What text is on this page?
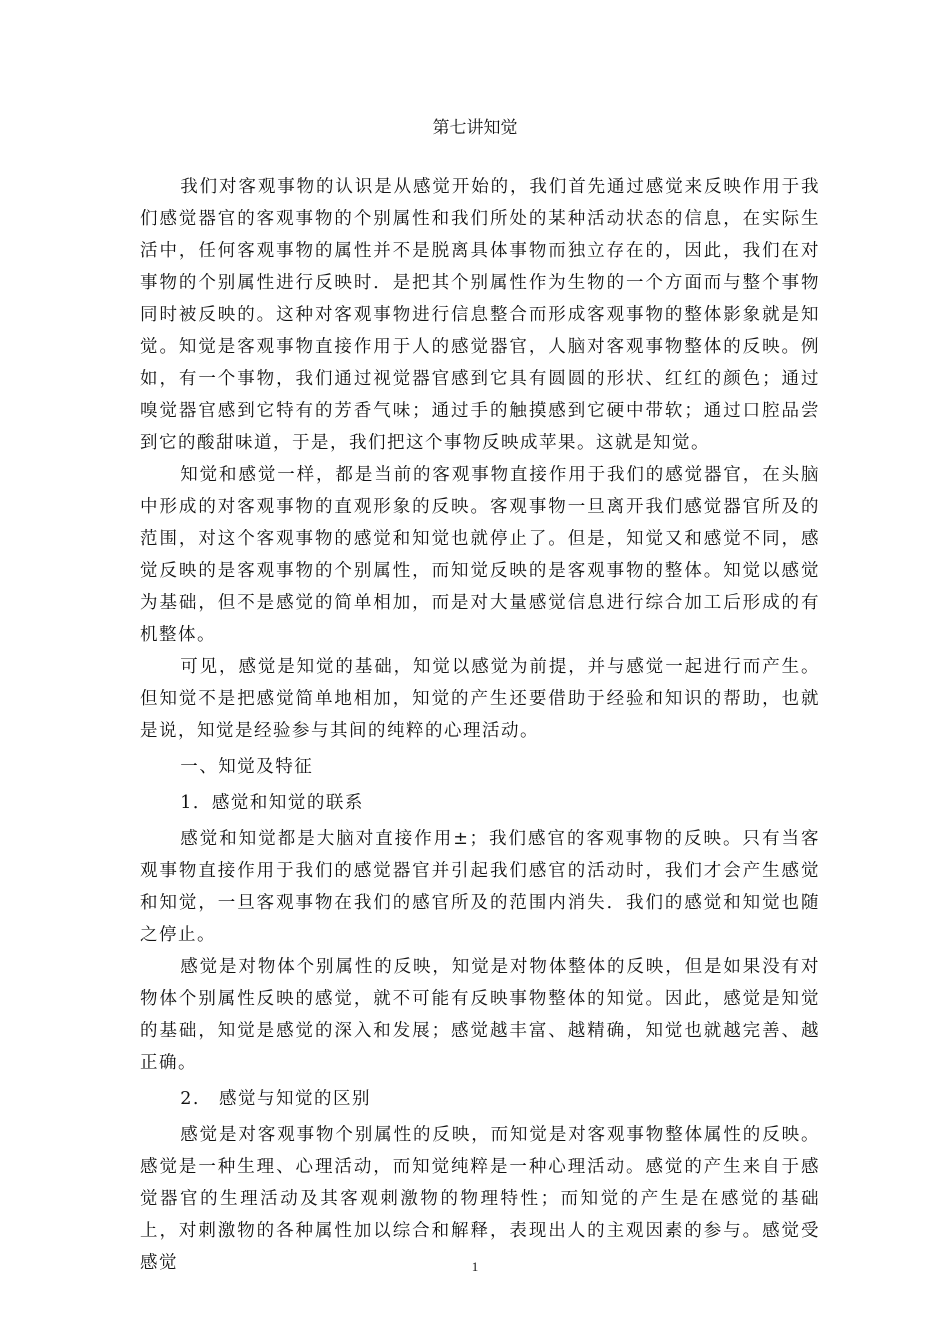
第七讲知觉

我们对客观事物的认识是从感觉开始的，我们首先通过感觉来反映作用于我们感觉器官的客观事物的个别属性和我们所处的某种活动状态的信息，在实际生活中，任何客观事物的属性并不是脱离具体事物而独立存在的，因此，我们在对事物的个别属性进行反映时．是把其个别属性作为生物的一个方面而与整个事物同时被反映的。这种对客观事物进行信息整合而形成客观事物的整体影象就是知觉。知觉是客观事物直接作用于人的感觉器官，人脑对客观事物整体的反映。例如，有一个事物，我们通过视觉器官感到它具有圆圆的形状、红红的颜色；通过嗅觉器官感到它特有的芳香气味；通过手的触摸感到它硬中带软；通过口腔品尝到它的酸甜味道，于是，我们把这个事物反映成苹果。这就是知觉。

知觉和感觉一样，都是当前的客观事物直接作用于我们的感觉器官，在头脑中形成的对客观事物的直观形象的反映。客观事物一旦离开我们感觉器官所及的范围，对这个客观事物的感觉和知觉也就停止了。但是，知觉又和感觉不同，感觉反映的是客观事物的个别属性，而知觉反映的是客观事物的整体。知觉以感觉为基础，但不是感觉的简单相加，而是对大量感觉信息进行综合加工后形成的有机整体。

可见，感觉是知觉的基础，知觉以感觉为前提，并与感觉一起进行而产生。但知觉不是把感觉简单地相加，知觉的产生还要借助于经验和知识的帮助，也就是说，知觉是经验参与其间的纯粹的心理活动。

一、知觉及特征

1．感觉和知觉的联系

感觉和知觉都是大脑对直接作用±；我们感官的客观事物的反映。只有当客观事物直接作用于我们的感觉器官并引起我们感官的活动时，我们才会产生感觉和知觉，一旦客观事物在我们的感官所及的范围内消失．我们的感觉和知觉也随之停止。

感觉是对物体个别属性的反映，知觉是对物体整体的反映，但是如果没有对物体个别属性反映的感觉，就不可能有反映事物整体的知觉。因此，感觉是知觉的基础，知觉是感觉的深入和发展；感觉越丰富、越精确，知觉也就越完善、越正确。

2.　感觉与知觉的区别

感觉是对客观事物个别属性的反映，而知觉是对客观事物整体属性的反映。感觉是一种生理、心理活动，而知觉纯粹是一种心理活动。感觉的产生来自于感觉器官的生理活动及其客观刺激物的物理特性；而知觉的产生是在感觉的基础上，对刺激物的各种属性加以综合和解释，表现出人的主观因素的参与。感觉受感觉	1
